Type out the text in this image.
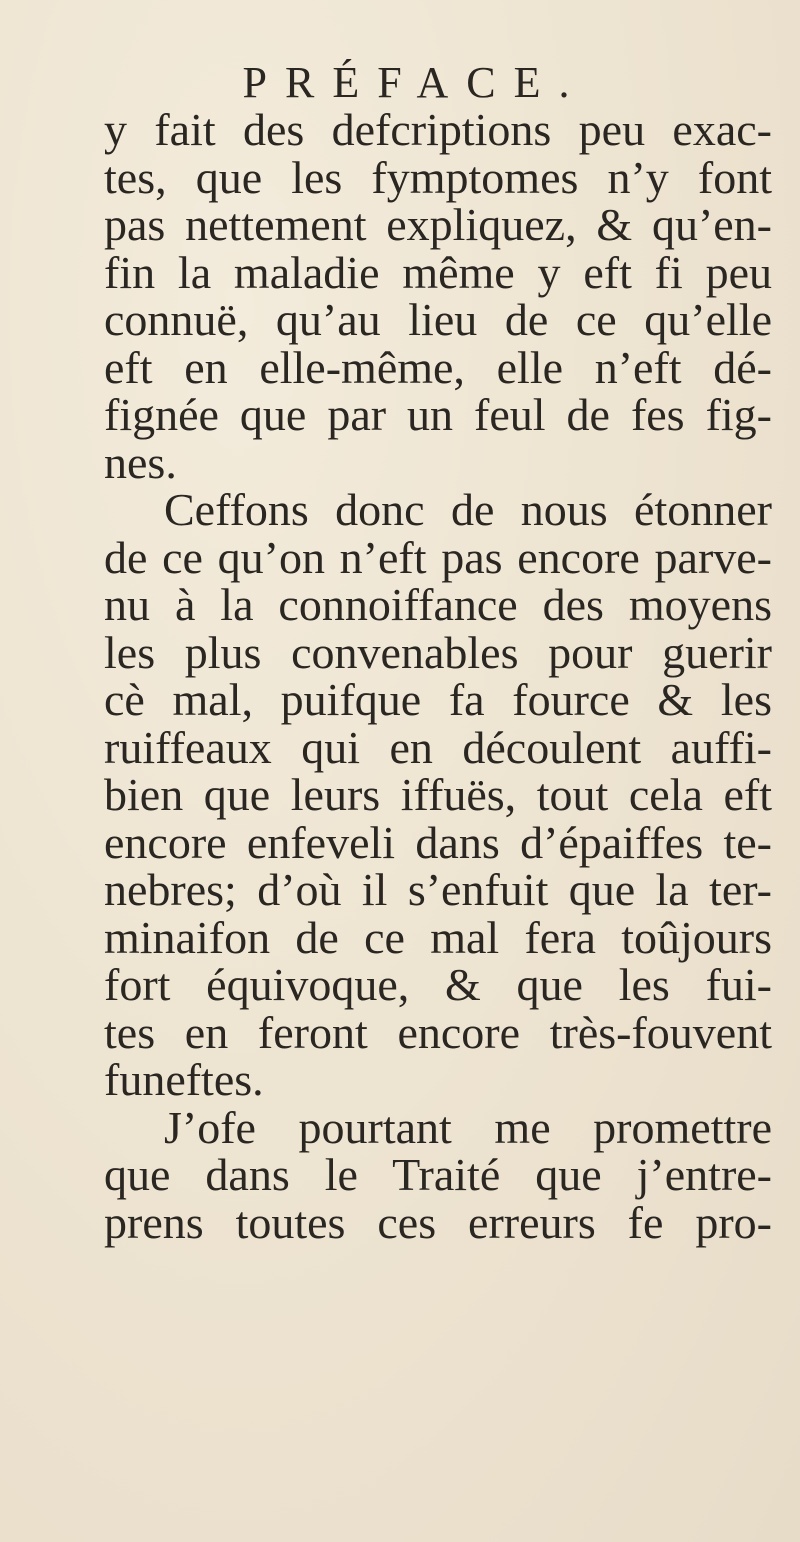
PRÉFACE.
y fait des defcriptions peu exac-
tes, que les fymptomes n’y font
pas nettement expliquez, & qu’en-
fin la maladie même y eft fi peu
connuë, qu’au lieu de ce qu’elle
eft en elle-même, elle n’eft dé-
fignée que par un feul de fes fig-
nes.
Ceffons donc de nous étonner
de ce qu’on n’eft pas encore parve-
nu à la connoiffance des moyens
les plus convenables pour guerir
cè mal, puifque fa fource & les
ruiffeaux qui en découlent auffi-
bien que leurs iffuës, tout cela eft
encore enfeveli dans d’épaiffes te-
nebres; d’où il s’enfuit que la ter-
minaifon de ce mal fera toûjours
fort équivoque, & que les fui-
tes en feront encore très-fouvent
funeftes.
J’ofe pourtant me promettre
que dans le Traité que j’entre-
prens toutes ces erreurs fe pro-
